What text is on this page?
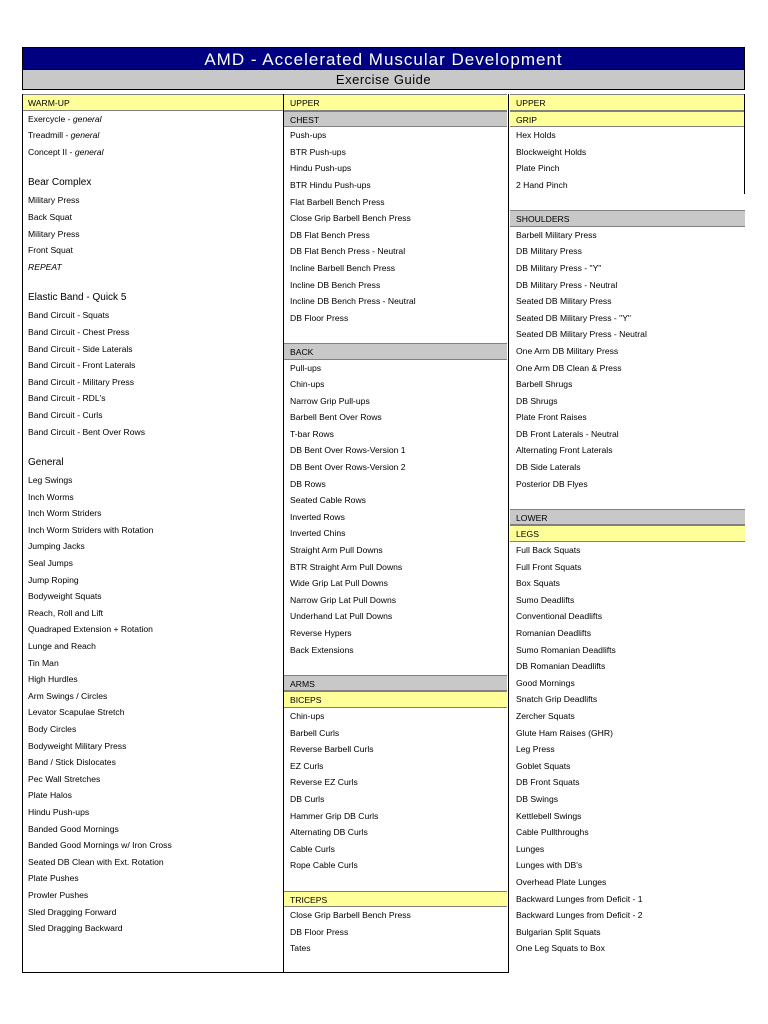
AMD - Accelerated Muscular Development
Exercise Guide
WARM-UP
Exercycle - general
Treadmill - general
Concept II - general
Bear Complex
Military Press
Back Squat
Military Press
Front Squat
REPEAT
Elastic Band - Quick 5
Band Circuit - Squats
Band Circuit - Chest Press
Band Circuit - Side Laterals
Band Circuit - Front Laterals
Band Circuit - Military Press
Band Circuit - RDL's
Band Circuit - Curls
Band Circuit - Bent Over Rows
General
Leg Swings
Inch Worms
Inch Worm Striders
Inch Worm Striders with Rotation
Jumping Jacks
Seal Jumps
Jump Roping
Bodyweight Squats
Reach, Roll and Lift
Quadraped Extension + Rotation
Lunge and Reach
Tin Man
High Hurdles
Arm Swings / Circles
Levator Scapulae Stretch
Body Circles
Bodyweight Military Press
Band / Stick Dislocates
Pec Wall Stretches
Plate Halos
Hindu Push-ups
Banded Good Mornings
Banded Good Mornings w/ Iron Cross
Seated DB Clean with Ext. Rotation
Plate Pushes
Prowler Pushes
Sled Dragging Forward
Sled Dragging Backward
UPPER
CHEST
Push-ups
BTR Push-ups
Hindu Push-ups
BTR Hindu Push-ups
Flat Barbell Bench Press
Close Grip Barbell Bench Press
DB Flat Bench Press
DB Flat Bench Press - Neutral
Incline Barbell Bench Press
Incline DB Bench Press
Incline DB Bench Press - Neutral
DB Floor Press
BACK
Pull-ups
Chin-ups
Narrow Grip Pull-ups
Barbell Bent Over Rows
T-bar Rows
DB Bent Over Rows-Version 1
DB Bent Over Rows-Version 2
DB Rows
Seated Cable Rows
Inverted Rows
Inverted Chins
Straight Arm Pull Downs
BTR Straight Arm Pull Downs
Wide Grip Lat Pull Downs
Narrow Grip Lat Pull Downs
Underhand Lat Pull Downs
Reverse Hypers
Back Extensions
ARMS
BICEPS
Chin-ups
Barbell Curls
Reverse Barbell Curls
EZ Curls
Reverse EZ Curls
DB Curls
Hammer Grip DB Curls
Alternating DB Curls
Cable Curls
Rope Cable Curls
TRICEPS
Close Grip Barbell Bench Press
DB Floor Press
Tates
UPPER
GRIP
Hex Holds
Blockweight Holds
Plate Pinch
2 Hand Pinch
SHOULDERS
Barbell Military Press
DB Military Press
DB Military Press - "Y"
DB Military Press - Neutral
Seated DB Military Press
Seated DB Military Press - "Y"
Seated DB Military Press - Neutral
One Arm DB Military Press
One Arm DB Clean & Press
Barbell Shrugs
DB Shrugs
Plate Front Raises
DB Front Laterals - Neutral
Alternating Front Laterals
DB Side Laterals
Posterior DB Flyes
LOWER
LEGS
Full Back Squats
Full Front Squats
Box Squats
Sumo Deadlifts
Conventional Deadlifts
Romanian Deadlifts
Sumo Romanian Deadlifts
DB Romanian Deadlifts
Good Mornings
Snatch Grip Deadlifts
Zercher Squats
Glute Ham Raises (GHR)
Leg Press
Goblet Squats
DB Front Squats
DB Swings
Kettlebell Swings
Cable Pullthroughs
Lunges
Lunges with DB's
Overhead Plate Lunges
Backward Lunges from Deficit - 1
Backward Lunges from Deficit - 2
Bulgarian Split Squats
One Leg Squats to Box
